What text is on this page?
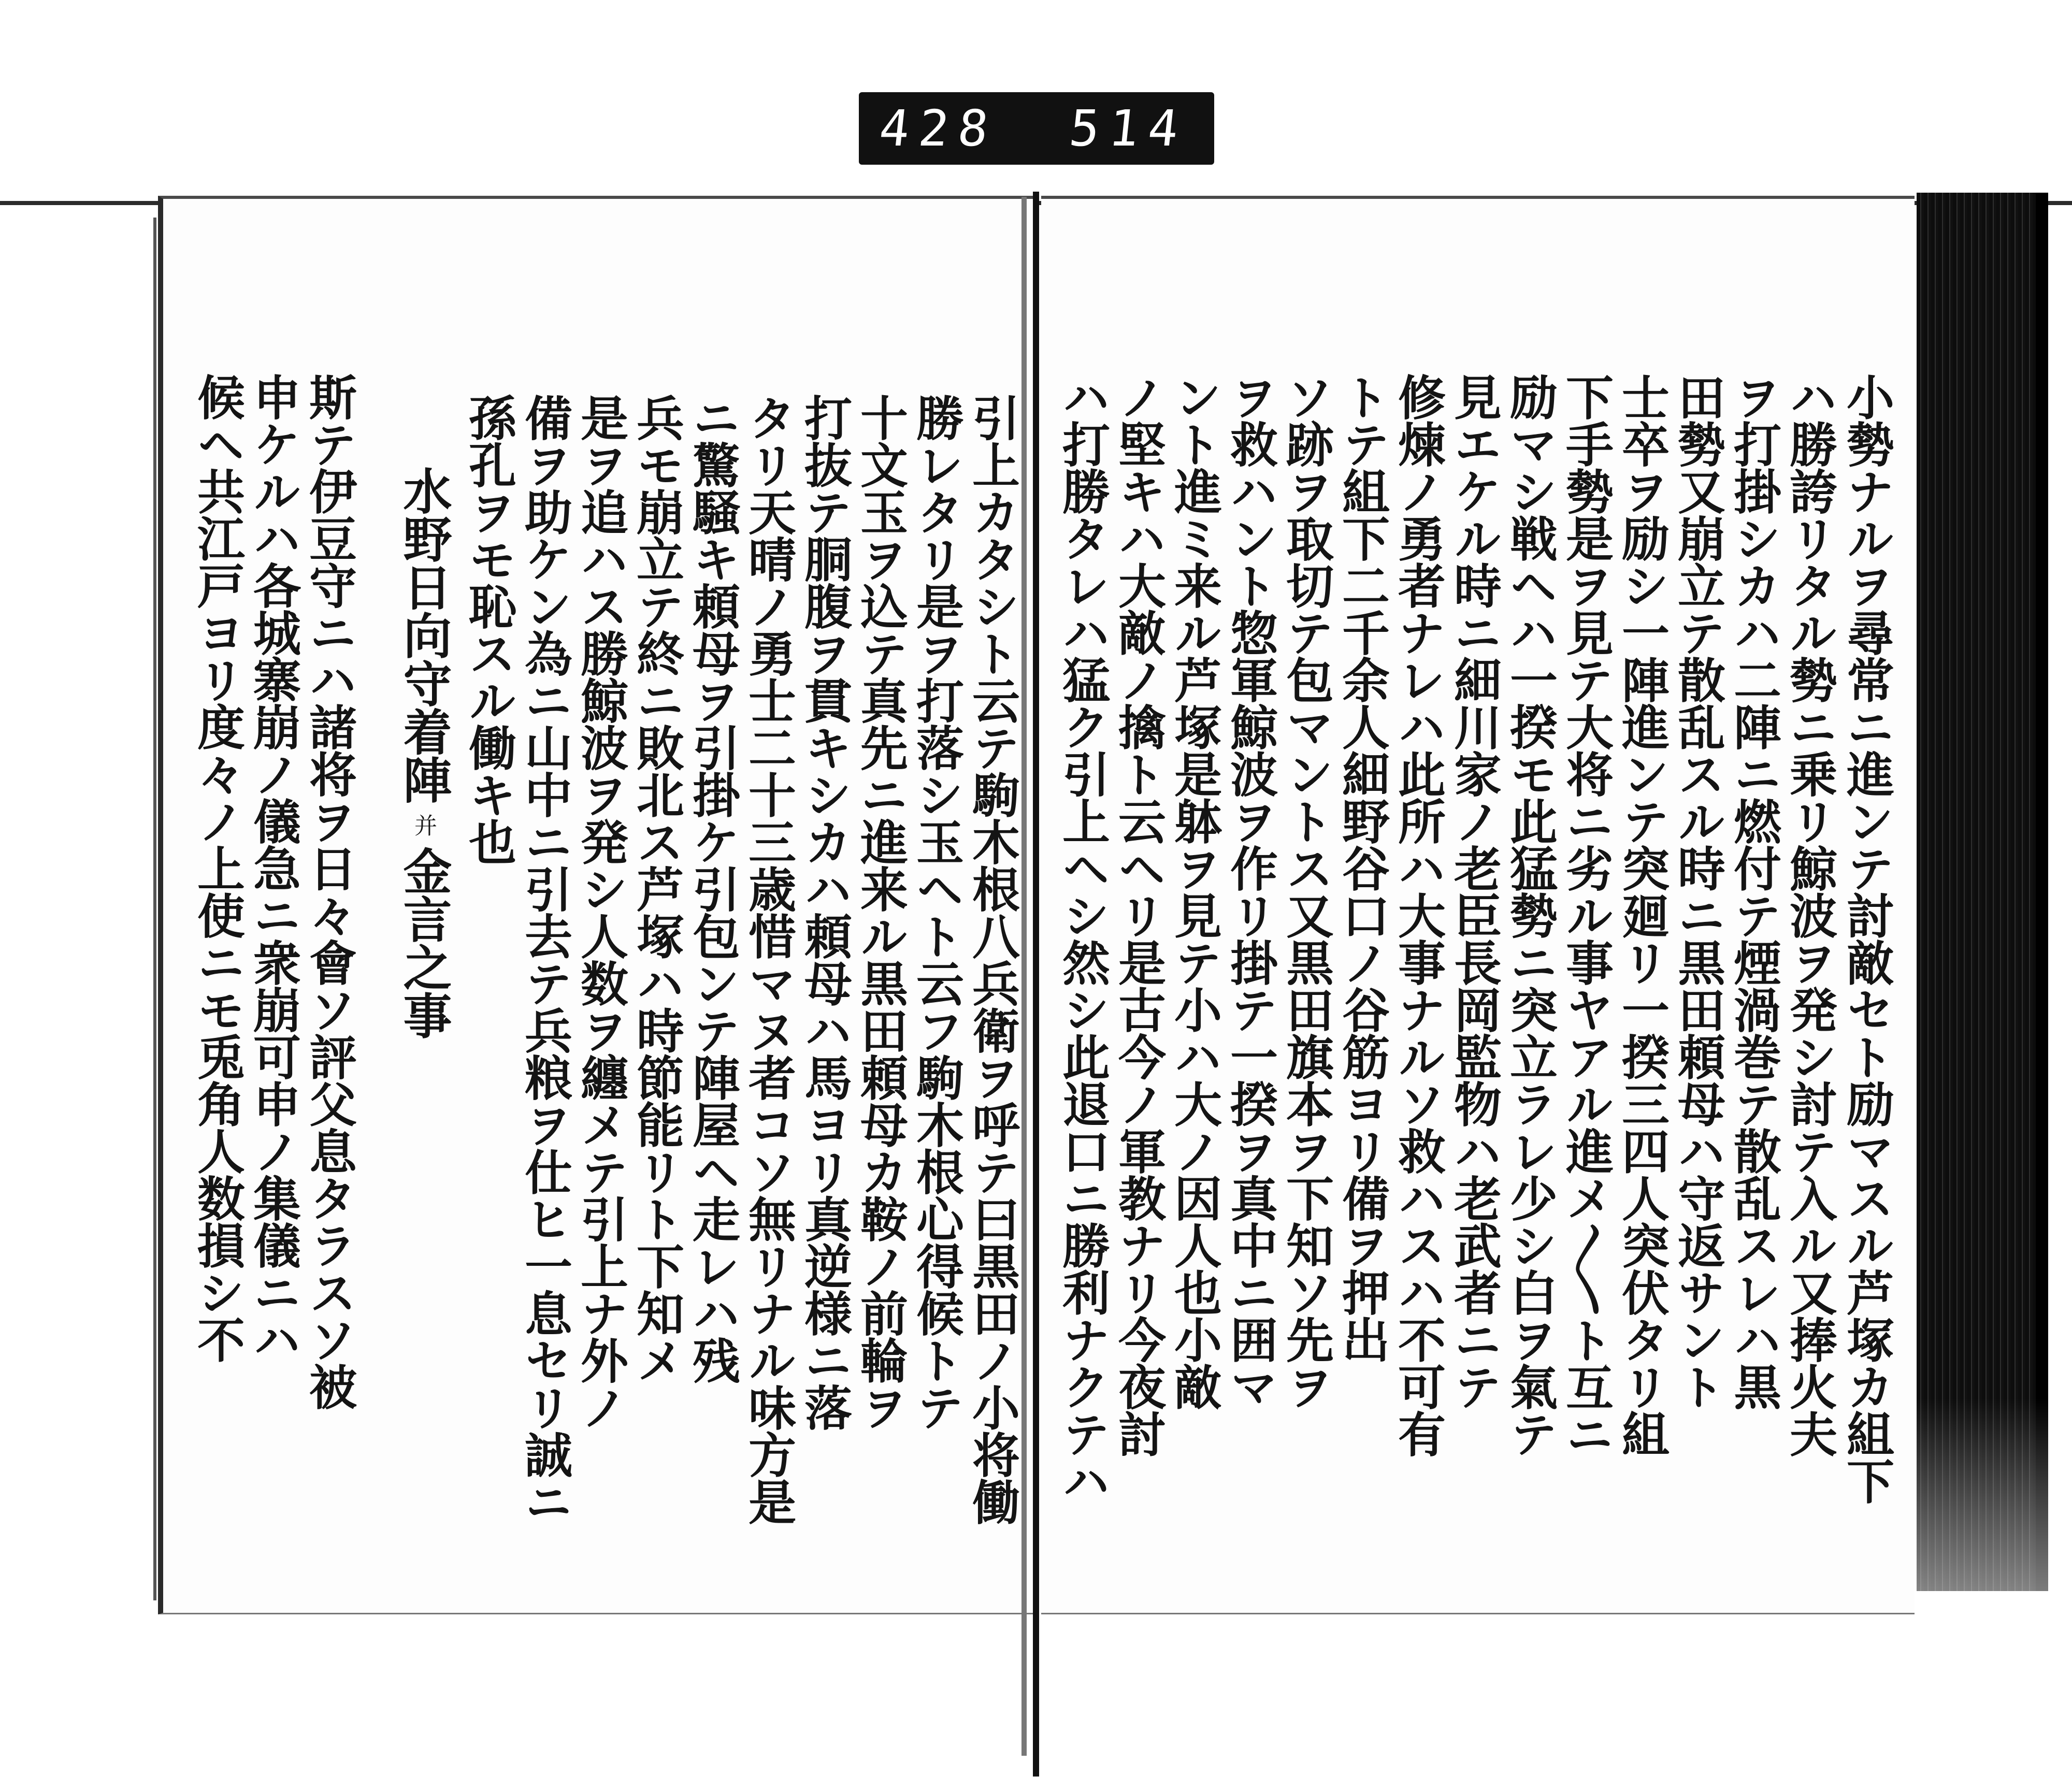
428 514
小勢ナルヲ尋常ニ進ンテ討敵セト励マスル芦塚カ組下
ハ勝誇リタル勢ニ乗リ鯨波ヲ発シ討テ入ル又捧火夫
ヲ打掛シカハ二陣ニ燃付テ煙渦巻テ散乱スレハ黒
田勢又崩立テ散乱スル時ニ黒田頼母ハ守返サント
士卒ヲ励シ一陣進ンテ突廻リ一揆三四人突伏タリ組
下手勢是ヲ見テ大将ニ劣ル事ヤアル進メ〳〵ト互ニ
励マシ戦ヘハ一揆モ此猛勢ニ突立ラレ少シ白ヲ氣テ
見エケル時ニ細川家ノ老臣長岡監物ハ老武者ニテ
修煉ノ勇者ナレハ此所ハ大事ナルソ救ハスハ不可有
トテ組下二千余人細野谷口ノ谷筋ヨリ備ヲ押出
ソ跡ヲ取切テ包マントス又黒田旗本ヲ下知ソ先ヲ
ヲ救ハント惣軍鯨波ヲ作リ掛テ一揆ヲ真中ニ囲マ
ント進ミ来ル芦塚是躰ヲ見テ小ハ大ノ因人也小敵
ノ堅キハ大敵ノ擒ト云ヘリ是古今ノ軍教ナリ今夜討
ハ打勝タレハ猛ク引上ヘシ然シ此退口ニ勝利ナクテハ
引上カタシト云テ駒木根八兵衛ヲ呼テ曰黒田ノ小将働
勝レタリ是ヲ打落シ玉ヘト云フ駒木根心得候トテ
十文玉ヲ込テ真先ニ進来ル黒田頼母カ鞍ノ前輪ヲ
打抜テ胴腹ヲ貫キシカハ頼母ハ馬ヨリ真逆様ニ落
タリ天晴ノ勇士二十三歳惜マヌ者コソ無リナル味方是
ニ驚騒キ頼母ヲ引掛ケ引包ンテ陣屋ヘ走レハ残
兵モ崩立テ終ニ敗北ス芦塚ハ時節能リト下知メ
是ヲ追ハス勝鯨波ヲ発シ人数ヲ纏メテ引上ナ外ノ
備ヲ助ケン為ニ山中ニ引去テ兵粮ヲ仕ヒ一息セリ誠ニ
孫孔ヲモ恥スル働キ也
水野日向守着陣并金言之事
斯テ伊豆守ニハ諸将ヲ日々會ソ評父息タラスソ被
申ケルハ各城寨崩ノ儀急ニ衆崩可申ノ集儀ニハ
候ヘ共江戸ヨリ度々ノ上使ニモ兎角人数損シ不
